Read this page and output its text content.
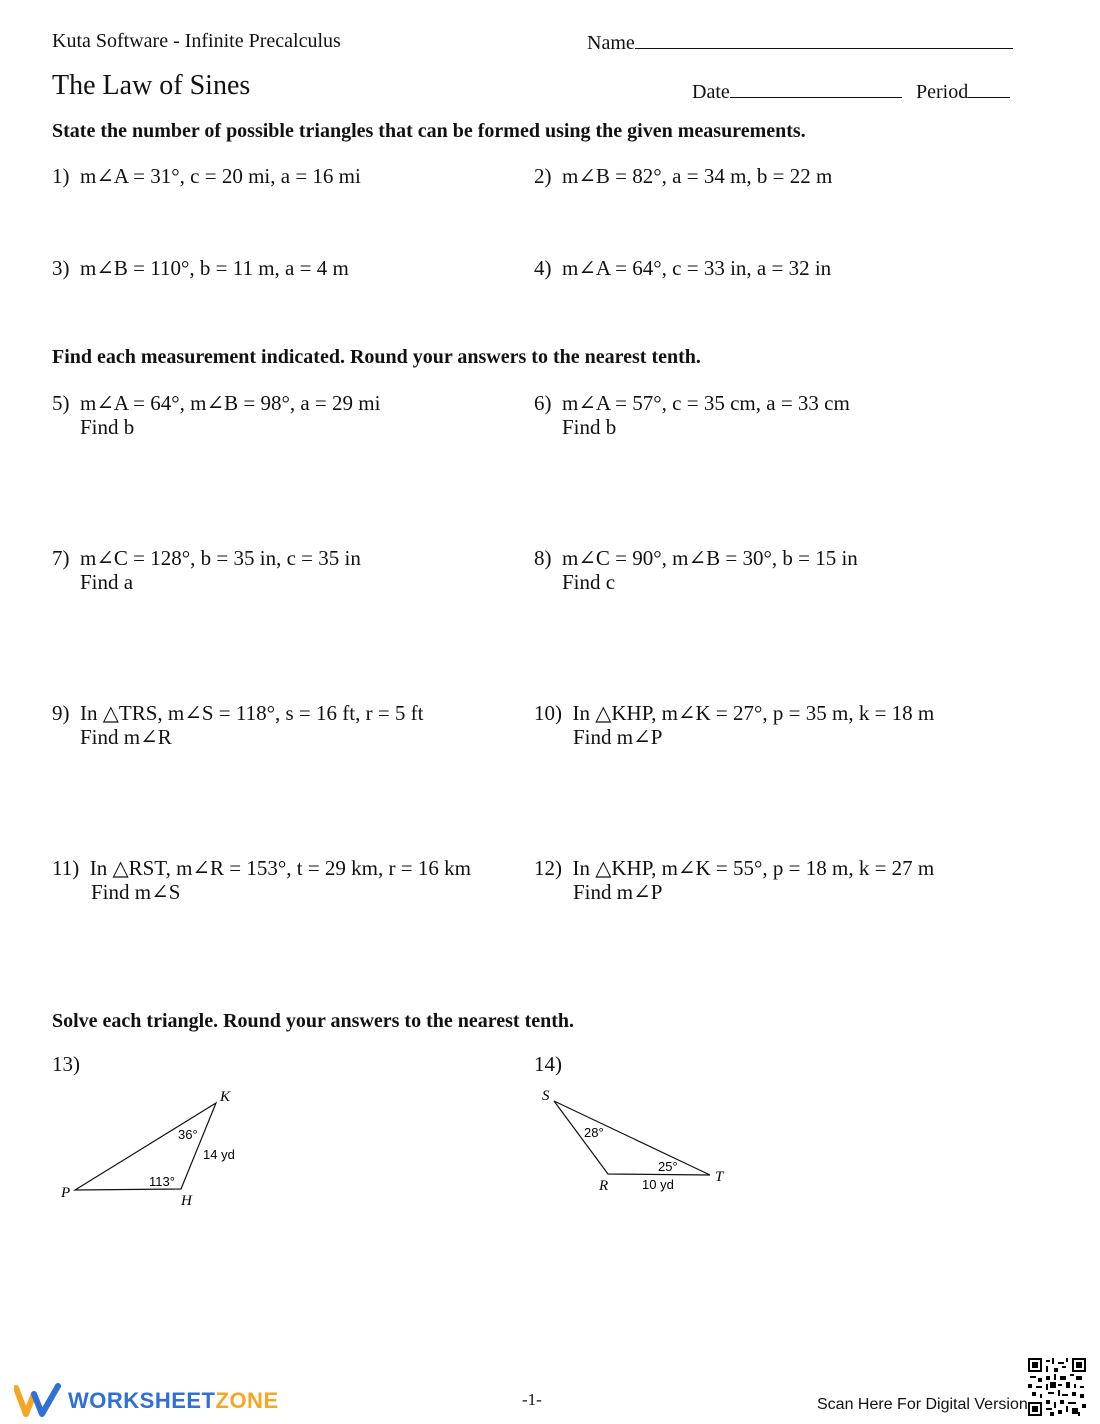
Kuta Software - Infinite Precalculus	Name
The Law of Sines	Date	Period
State the number of possible triangles that can be formed using the given measurements.
1) m∠A = 31°, c = 20 mi, a = 16 mi	2) m∠B = 82°, a = 34 m, b = 22 m
3) m∠B = 110°, b = 11 m, a = 4 m	4) m∠A = 64°, c = 33 in, a = 32 in
Find each measurement indicated. Round your answers to the nearest tenth.
5) m∠A = 64°, m∠B = 98°, a = 29 mi
Find b
6) m∠A = 57°, c = 35 cm, a = 33 cm
Find b
7) m∠C = 128°, b = 35 in, c = 35 in
Find a
8) m∠C = 90°, m∠B = 30°, b = 15 in
Find c
9) In △TRS, m∠S = 118°, s = 16 ft, r = 5 ft
Find m∠R
10) In △KHP, m∠K = 27°, p = 35 m, k = 18 m
Find m∠P
11) In △RST, m∠R = 153°, t = 29 km, r = 16 km
Find m∠S
12) In △KHP, m∠K = 55°, p = 18 m, k = 27 m
Find m∠P
Solve each triangle. Round your answers to the nearest tenth.
13)	14)
K
P	H
36°
113°
14 yd
S
R
T
28°
25°
10 yd
WORKSHEETZONE	-1-	Scan Here For Digital Version
